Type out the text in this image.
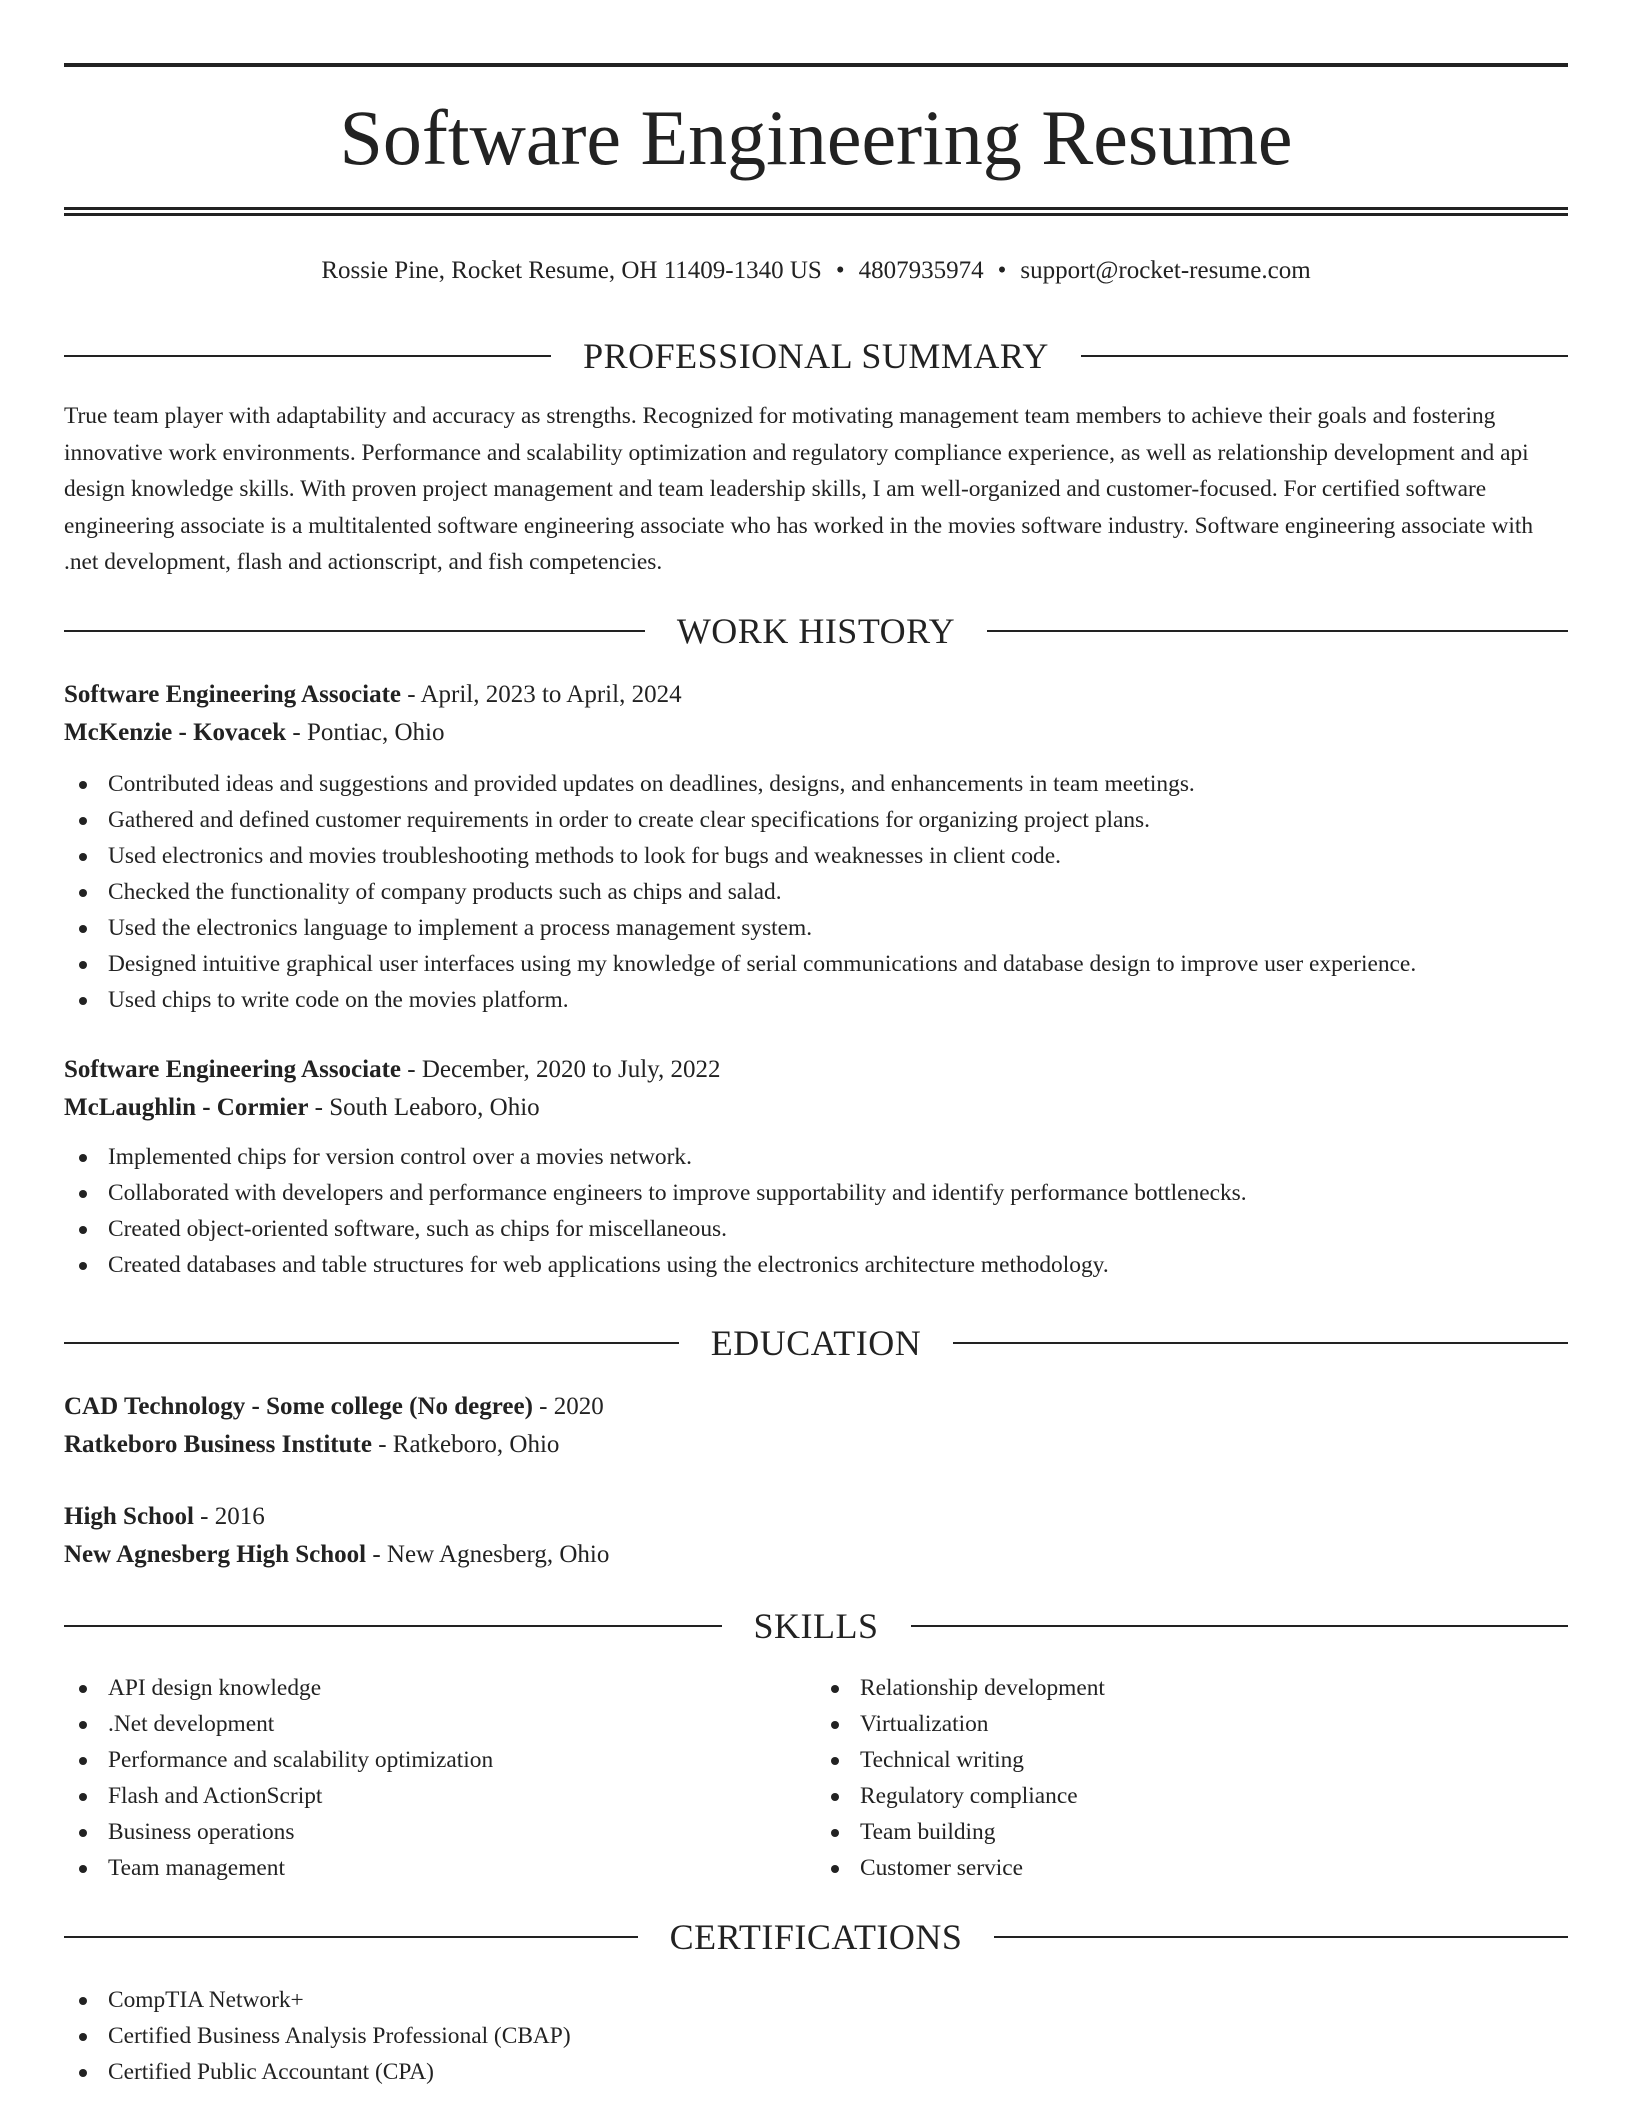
Software Engineering Resume
Rossie Pine, Rocket Resume, OH 11409-1340 US • 4807935974 • support@rocket-resume.com
PROFESSIONAL SUMMARY

True team player with adaptability and accuracy as strengths. Recognized for motivating management team members to achieve their goals and fostering innovative work environments. Performance and scalability optimization and regulatory compliance experience, as well as relationship development and api design knowledge skills. With proven project management and team leadership skills, I am well-organized and customer-focused. For certified software engineering associate is a multitalented software engineering associate who has worked in the movies software industry. Software engineering associate with .net development, flash and actionscript, and fish competencies.

WORK HISTORY
Software Engineering Associate - April, 2023 to April, 2024
McKenzie - Kovacek - Pontiac, Ohio
Contributed ideas and suggestions and provided updates on deadlines, designs, and enhancements in team meetings.
Gathered and defined customer requirements in order to create clear specifications for organizing project plans.
Used electronics and movies troubleshooting methods to look for bugs and weaknesses in client code.
Checked the functionality of company products such as chips and salad.
Used the electronics language to implement a process management system.
Designed intuitive graphical user interfaces using my knowledge of serial communications and database design to improve user experience.
Used chips to write code on the movies platform.
Software Engineering Associate - December, 2020 to July, 2022
McLaughlin - Cormier - South Leaboro, Ohio
Implemented chips for version control over a movies network.
Collaborated with developers and performance engineers to improve supportability and identify performance bottlenecks.
Created object-oriented software, such as chips for miscellaneous.
Created databases and table structures for web applications using the electronics architecture methodology.
EDUCATION
CAD Technology - Some college (No degree) - 2020
Ratkeboro Business Institute - Ratkeboro, Ohio
High School - 2016
New Agnesberg High School - New Agnesberg, Ohio
SKILLS
API design knowledge
.Net development
Performance and scalability optimization
Flash and ActionScript
Business operations
Team management
Relationship development
Virtualization
Technical writing
Regulatory compliance
Team building
Customer service
CERTIFICATIONS
CompTIA Network+
Certified Business Analysis Professional (CBAP)
Certified Public Accountant (CPA)
